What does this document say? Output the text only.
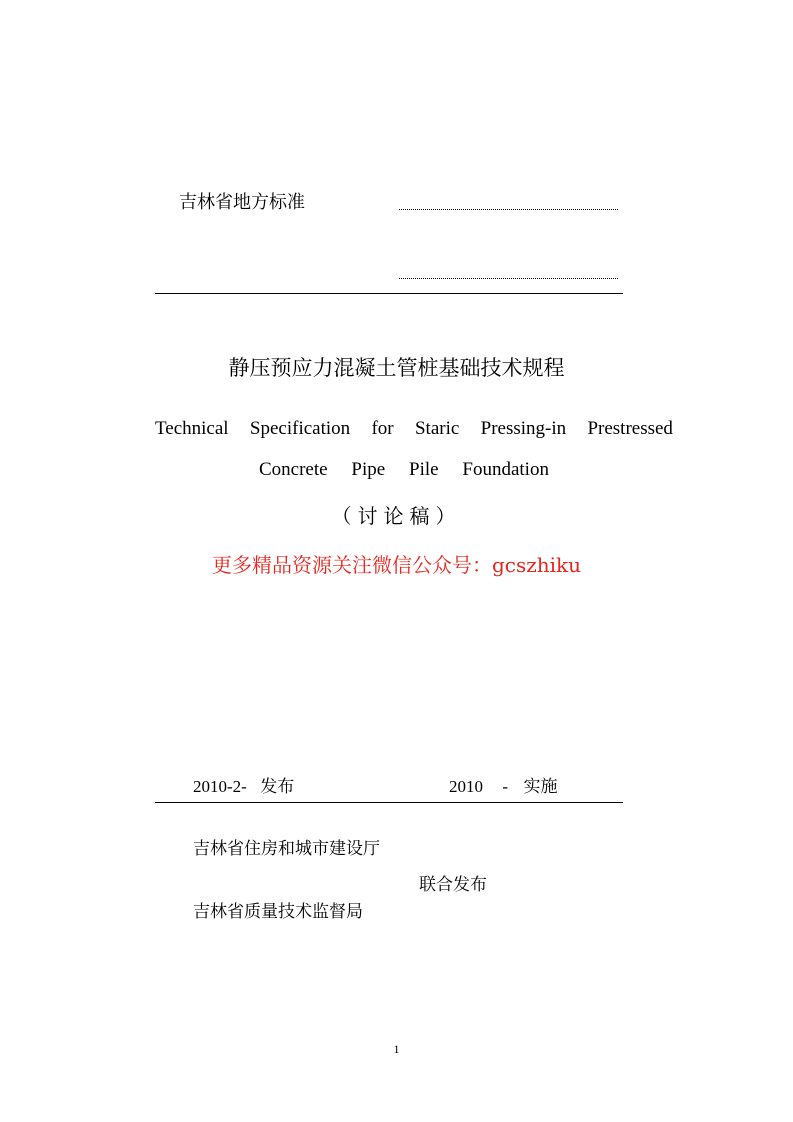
吉林省地方标准
静压预应力混凝土管桩基础技术规程
Technical Specification for Staric Pressing-in Prestressed
Concrete Pipe Pile Foundation
（讨论稿）
更多精品资源关注微信公众号：gcszhiku
2010-2- 发布	2010 - 实施
吉林省住房和城市建设厅
联合发布
吉林省质量技术监督局
1
